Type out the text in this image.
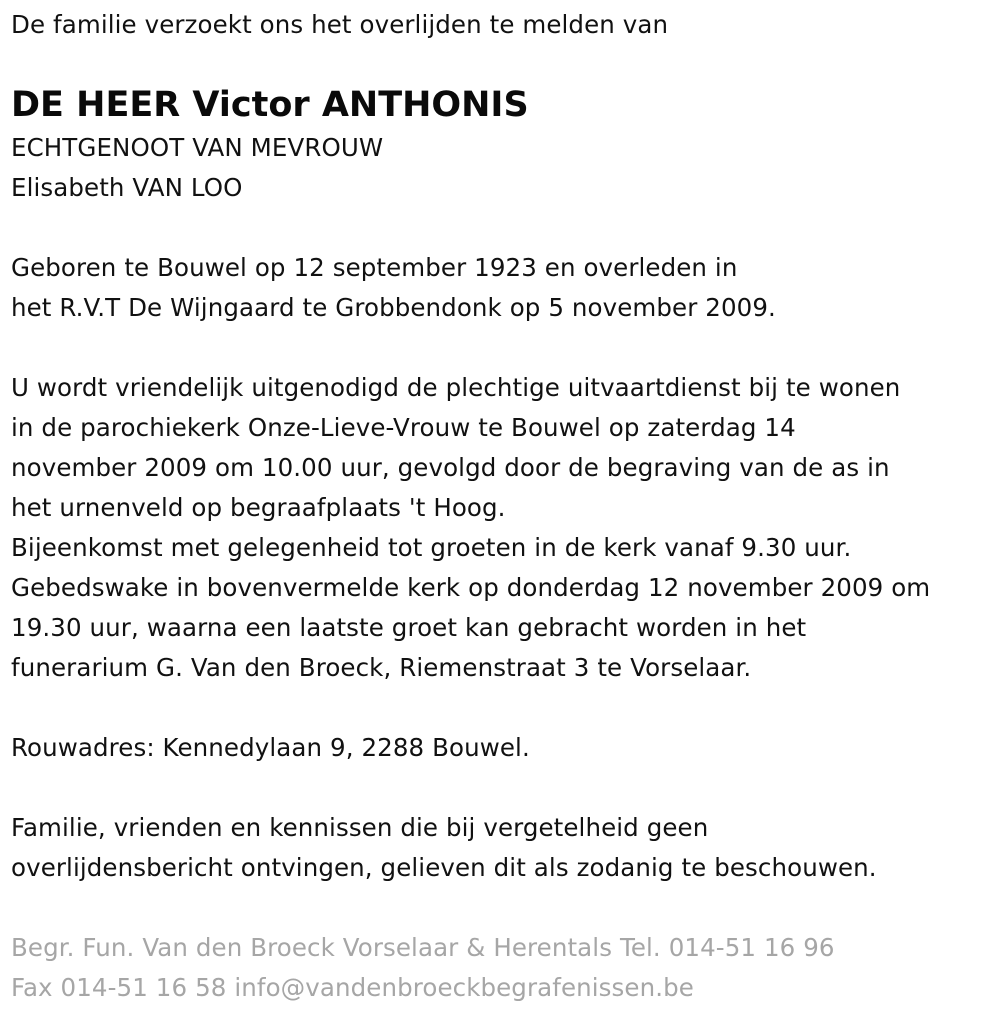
De familie verzoekt ons het overlijden te melden van
DE HEER Victor ANTHONIS
ECHTGENOOT VAN MEVROUW
Elisabeth VAN LOO
Geboren te Bouwel op 12 september 1923 en overleden in
het R.V.T De Wijngaard te Grobbendonk op 5 november 2009.
U wordt vriendelijk uitgenodigd de plechtige uitvaartdienst bij te wonen
in de parochiekerk Onze-Lieve-Vrouw te Bouwel op zaterdag 14
november 2009 om 10.00 uur, gevolgd door de begraving van de as in
het urnenveld op begraafplaats 't Hoog.
Bijeenkomst met gelegenheid tot groeten in de kerk vanaf 9.30 uur.
Gebedswake in bovenvermelde kerk op donderdag 12 november 2009 om
19.30 uur, waarna een laatste groet kan gebracht worden in het
funerarium G. Van den Broeck, Riemenstraat 3 te Vorselaar.
Rouwadres: Kennedylaan 9, 2288 Bouwel.
Familie, vrienden en kennissen die bij vergetelheid geen
overlijdensbericht ontvingen, gelieven dit als zodanig te beschouwen.
Begr. Fun. Van den Broeck Vorselaar & Herentals Tel. 014-51 16 96
Fax 014-51 16 58 info@vandenbroeckbegrafenissen.be
